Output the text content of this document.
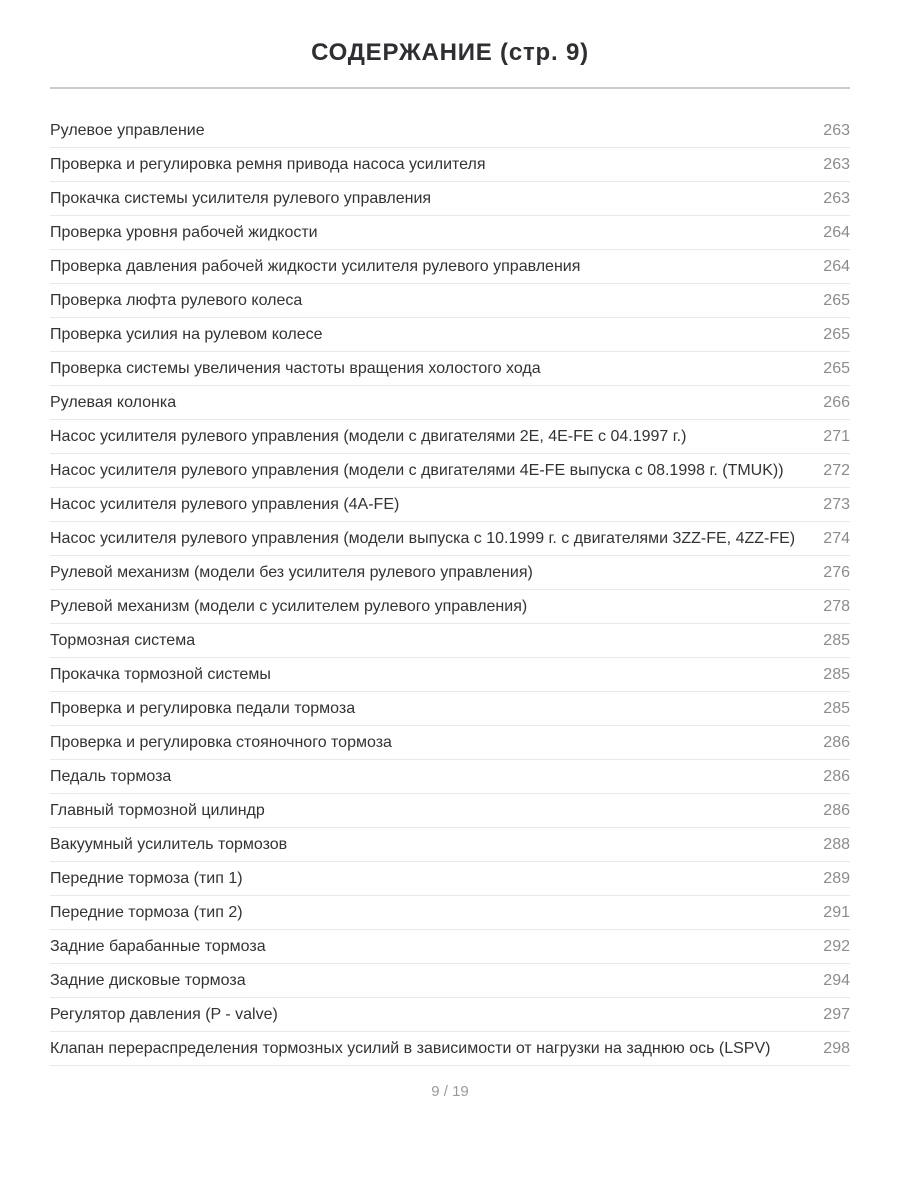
СОДЕРЖАНИЕ (стр. 9)
Рулевое управление	263
Проверка и регулировка ремня привода насоса усилителя	263
Прокачка системы усилителя рулевого управления	263
Проверка уровня рабочей жидкости	264
Проверка давления рабочей жидкости усилителя рулевого управления	264
Проверка люфта рулевого колеса	265
Проверка усилия на рулевом колесе	265
Проверка системы увеличения частоты вращения холостого хода	265
Рулевая колонка	266
Насос усилителя рулевого управления (модели с двигателями 2E, 4E-FE с 04.1997 г.)	271
Насос усилителя рулевого управления (модели с двигателями 4E-FE выпуска с 08.1998 г. (TMUK))	272
Насос усилителя рулевого управления (4A-FE)	273
Насос усилителя рулевого управления (модели выпуска с 10.1999 г. с двигателями 3ZZ-FE, 4ZZ-FE)	274
Рулевой механизм (модели без усилителя рулевого управления)	276
Рулевой механизм (модели с усилителем рулевого управления)	278
Тормозная система	285
Прокачка тормозной системы	285
Проверка и регулировка педали тормоза	285
Проверка и регулировка стояночного тормоза	286
Педаль тормоза	286
Главный тормозной цилиндр	286
Вакуумный усилитель тормозов	288
Передние тормоза (тип 1)	289
Передние тормоза (тип 2)	291
Задние барабанные тормоза	292
Задние дисковые тормоза	294
Регулятор давления (P - valve)	297
Клапан перераспределения тормозных усилий в зависимости от нагрузки на заднюю ось (LSPV)	298
9 / 19
